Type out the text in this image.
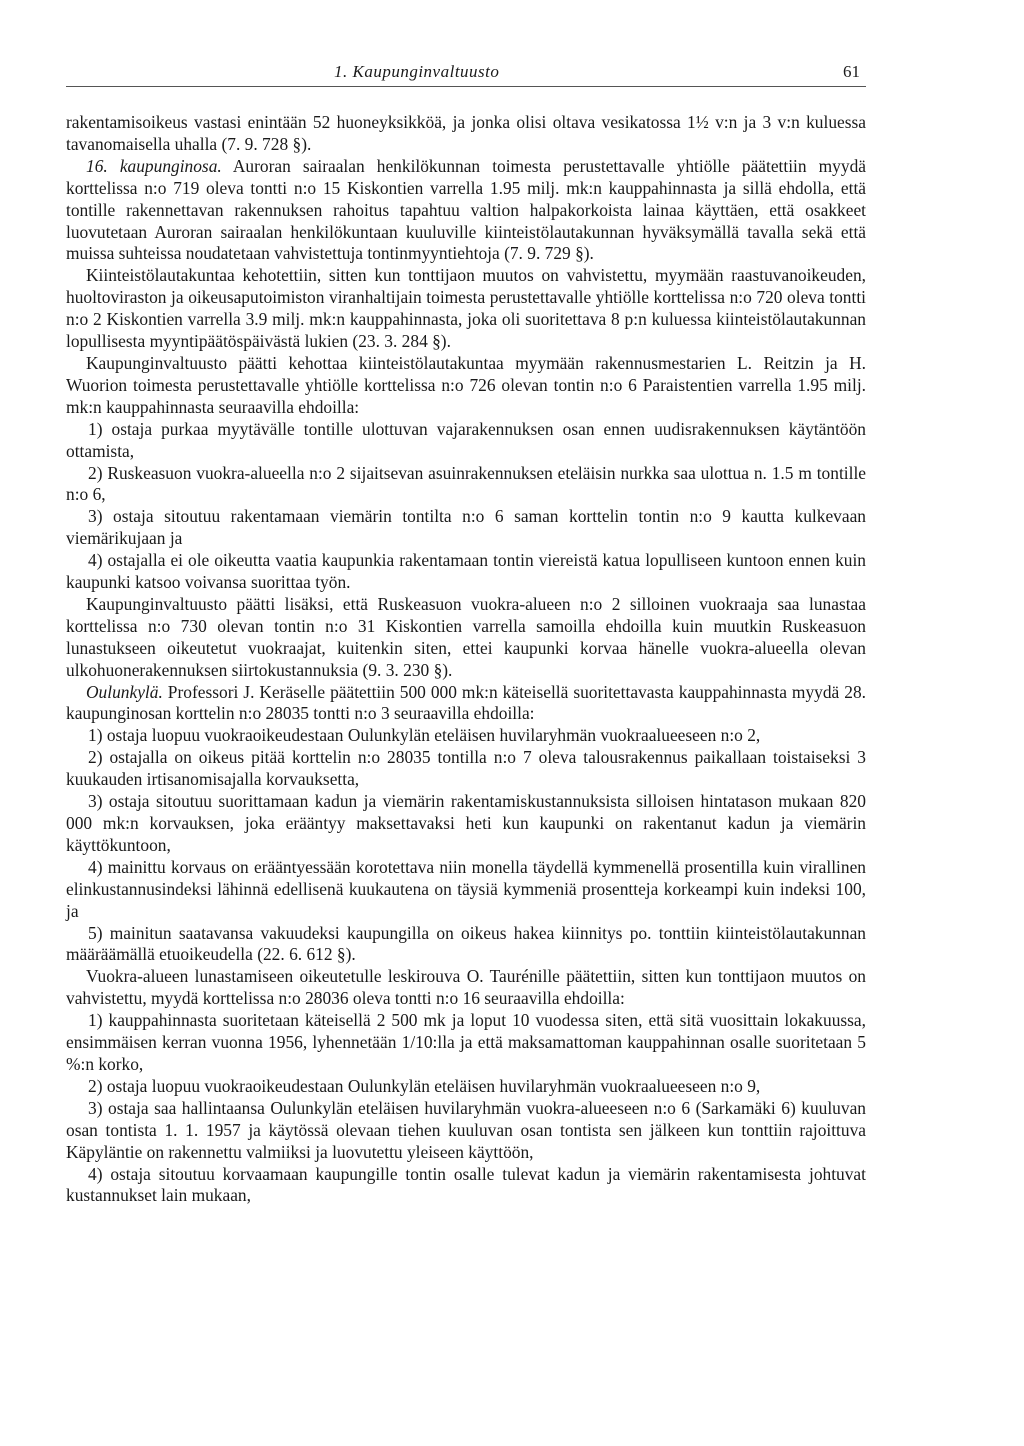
1. Kaupunginvaltuusto	61

rakentamisoikeus vastasi enintään 52 huoneyksikköä, ja jonka olisi oltava vesikatossa 1½ v:n ja 3 v:n kuluessa tavanomaisella uhalla (7. 9. 728 §).

16. kaupunginosa. Auroran sairaalan henkilökunnan toimesta perustettavalle yhtiölle päätettiin myydä korttelissa n:o 719 oleva tontti n:o 15 Kiskontien varrella 1.95 milj. mk:n kauppahinnasta ja sillä ehdolla, että tontille rakennettavan rakennuksen rahoitus tapahtuu valtion halpakorkoista lainaa käyttäen, että osakkeet luovutetaan Auroran sairaalan henkilökuntaan kuuluville kiinteistölautakunnan hyväksymällä tavalla sekä että muissa suhteissa noudatetaan vahvistettuja tontinmyyntiehtoja (7. 9. 729 §).

Kiinteistölautakuntaa kehotettiin, sitten kun tonttijaon muutos on vahvistettu, myymään raastuvanoikeuden, huoltoviraston ja oikeusaputoimiston viranhaltijain toimesta perustettavalle yhtiölle korttelissa n:o 720 oleva tontti n:o 2 Kiskontien varrella 3.9 milj. mk:n kauppahinnasta, joka oli suoritettava 8 p:n kuluessa kiinteistölautakunnan lopullisesta myyntipäätöspäivästä lukien (23. 3. 284 §).

Kaupunginvaltuusto päätti kehottaa kiinteistölautakuntaa myymään rakennusmestarien L. Reitzin ja H. Wuorion toimesta perustettavalle yhtiölle korttelissa n:o 726 olevan tontin n:o 6 Paraistentien varrella 1.95 milj. mk:n kauppahinnasta seuraavilla ehdoilla:

1) ostaja purkaa myytävälle tontille ulottuvan vajarakennuksen osan ennen uudisrakennuksen käytäntöön ottamista,

2) Ruskeasuon vuokra-alueella n:o 2 sijaitsevan asuinrakennuksen eteläisin nurkka saa ulottua n. 1.5 m tontille n:o 6,

3) ostaja sitoutuu rakentamaan viemärin tontilta n:o 6 saman korttelin tontin n:o 9 kautta kulkevaan viemärikujaan ja

4) ostajalla ei ole oikeutta vaatia kaupunkia rakentamaan tontin viereistä katua lopulliseen kuntoon ennen kuin kaupunki katsoo voivansa suorittaa työn.

Kaupunginvaltuusto päätti lisäksi, että Ruskeasuon vuokra-alueen n:o 2 silloinen vuokraaja saa lunastaa korttelissa n:o 730 olevan tontin n:o 31 Kiskontien varrella samoilla ehdoilla kuin muutkin Ruskeasuon lunastukseen oikeutetut vuokraajat, kuitenkin siten, ettei kaupunki korvaa hänelle vuokra-alueella olevan ulkohuonerakennuksen siirtokustannuksia (9. 3. 230 §).

Oulunkylä. Professori J. Keräselle päätettiin 500 000 mk:n käteisellä suoritettavasta kauppahinnasta myydä 28. kaupunginosan korttelin n:o 28035 tontti n:o 3 seuraavilla ehdoilla:

1) ostaja luopuu vuokraoikeudestaan Oulunkylän eteläisen huvilaryhmän vuokraalueeseen n:o 2,

2) ostajalla on oikeus pitää korttelin n:o 28035 tontilla n:o 7 oleva talousrakennus paikallaan toistaiseksi 3 kuukauden irtisanomisajalla korvauksetta,

3) ostaja sitoutuu suorittamaan kadun ja viemärin rakentamiskustannuksista silloisen hintatason mukaan 820 000 mk:n korvauksen, joka erääntyy maksettavaksi heti kun kaupunki on rakentanut kadun ja viemärin käyttökuntoon,

4) mainittu korvaus on erääntyessään korotettava niin monella täydellä kymmenellä prosentilla kuin virallinen elinkustannusindeksi lähinnä edellisenä kuukautena on täysiä kymmeniä prosentteja korkeampi kuin indeksi 100, ja

5) mainitun saatavansa vakuudeksi kaupungilla on oikeus hakea kiinnitys po. tonttiin kiinteistölautakunnan määräämällä etuoikeudella (22. 6. 612 §).

Vuokra-alueen lunastamiseen oikeutetulle leskirouva O. Taurénille päätettiin, sitten kun tonttijaon muutos on vahvistettu, myydä korttelissa n:o 28036 oleva tontti n:o 16 seuraavilla ehdoilla:

1) kauppahinnasta suoritetaan käteisellä 2 500 mk ja loput 10 vuodessa siten, että sitä vuosittain lokakuussa, ensimmäisen kerran vuonna 1956, lyhennetään 1/10:lla ja että maksamattoman kauppahinnan osalle suoritetaan 5 %:n korko,

2) ostaja luopuu vuokraoikeudestaan Oulunkylän eteläisen huvilaryhmän vuokraalueeseen n:o 9,

3) ostaja saa hallintaansa Oulunkylän eteläisen huvilaryhmän vuokra-alueeseen n:o 6 (Sarkamäki 6) kuuluvan osan tontista 1. 1. 1957 ja käytössä olevaan tiehen kuuluvan osan tontista sen jälkeen kun tonttiin rajoittuva Käpyläntie on rakennettu valmiiksi ja luovutettu yleiseen käyttöön,

4) ostaja sitoutuu korvaamaan kaupungille tontin osalle tulevat kadun ja viemärin rakentamisesta johtuvat kustannukset lain mukaan,
